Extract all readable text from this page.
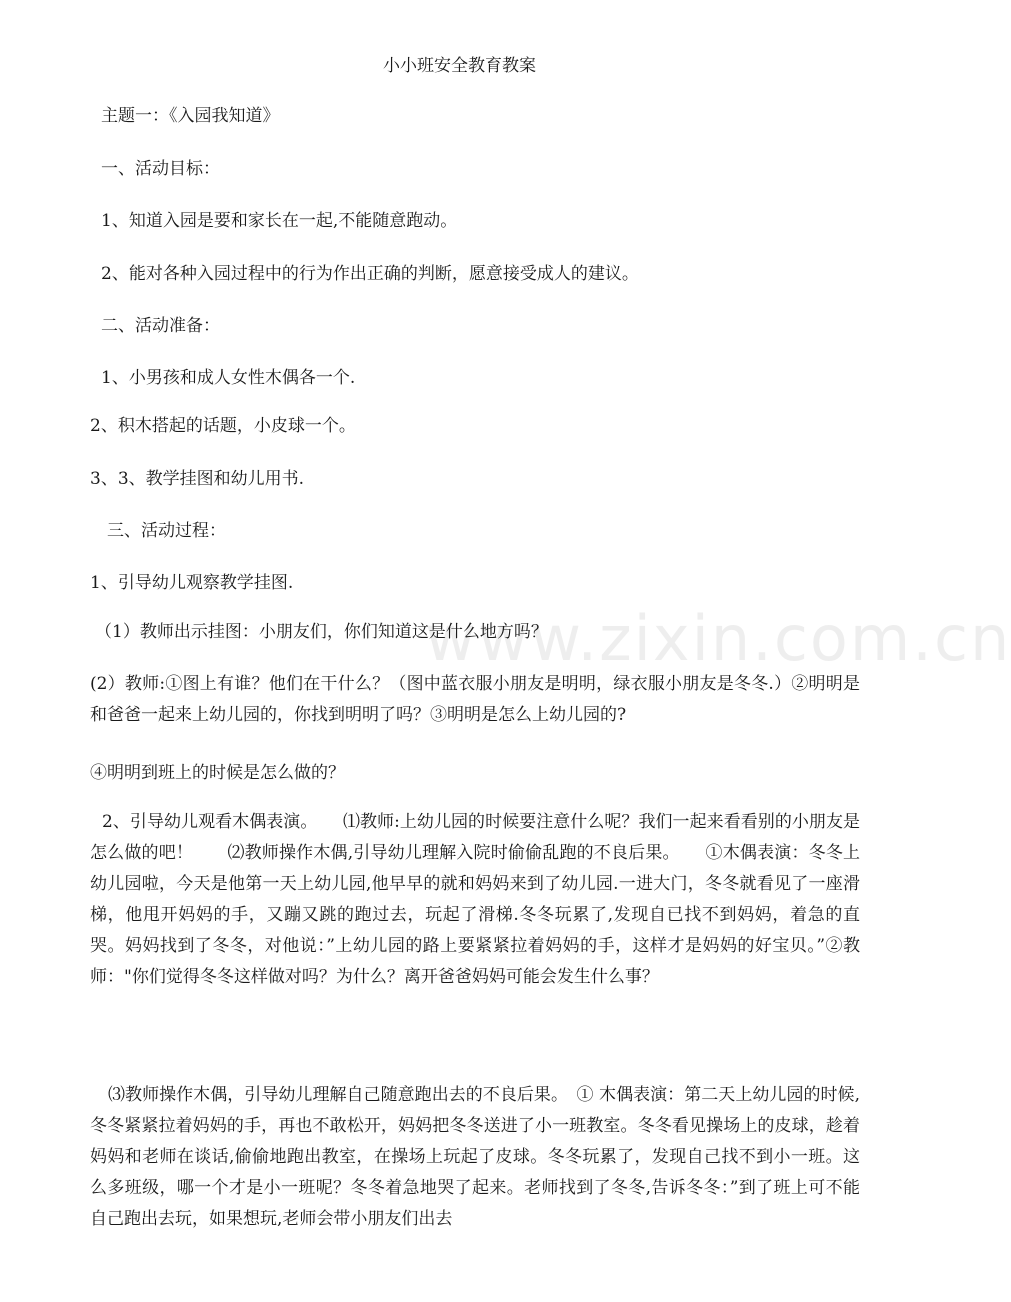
www.zixin.com.cn
小小班安全教育教案
主题一：《入园我知道》
一、活动目标：
1、知道入园是要和家长在一起,不能随意跑动。
2、能对各种入园过程中的行为作出正确的判断，愿意接受成人的建议。
二、活动准备：
1、小男孩和成人女性木偶各一个.
2、积木搭起的话题，小皮球一个。
3、3、教学挂图和幼儿用书.
三、活动过程：
1、引导幼儿观察教学挂图.
（1）教师出示挂图：小朋友们，你们知道这是什么地方吗？
(2）教师:①图上有谁？他们在干什么？（图中蓝衣服小朋友是明明，绿衣服小朋友是冬冬.）②明明是和爸爸一起来上幼儿园的，你找到明明了吗？③明明是怎么上幼儿园的?
④明明到班上的时候是怎么做的？
2、引导幼儿观看木偶表演。　　⑴教师:上幼儿园的时候要注意什么呢？我们一起来看看别的小朋友是怎么做的吧！　　⑵教师操作木偶,引导幼儿理解入院时偷偷乱跑的不良后果。　　①木偶表演：冬冬上幼儿园啦，今天是他第一天上幼儿园,他早早的就和妈妈来到了幼儿园.一进大门，冬冬就看见了一座滑梯，他甩开妈妈的手，又蹦又跳的跑过去，玩起了滑梯.冬冬玩累了,发现自已找不到妈妈，着急的直哭。妈妈找到了冬冬，对他说：”上幼儿园的路上要紧紧拉着妈妈的手，这样才是妈妈的好宝贝。”②教师："你们觉得冬冬这样做对吗？为什么？离开爸爸妈妈可能会发生什么事？
⑶教师操作木偶，引导幼儿理解自己随意跑出去的不良后果。　① 木偶表演：第二天上幼儿园的时候,冬冬紧紧拉着妈妈的手，再也不敢松开，妈妈把冬冬送进了小一班教室。冬冬看见操场上的皮球，趁着妈妈和老师在谈话,偷偷地跑出教室，在操场上玩起了皮球。冬冬玩累了，发现自己找不到小一班。这么多班级，哪一个才是小一班呢？冬冬着急地哭了起来。老师找到了冬冬,告诉冬冬：”到了班上可不能自己跑出去玩，如果想玩,老师会带小朋友们出去
